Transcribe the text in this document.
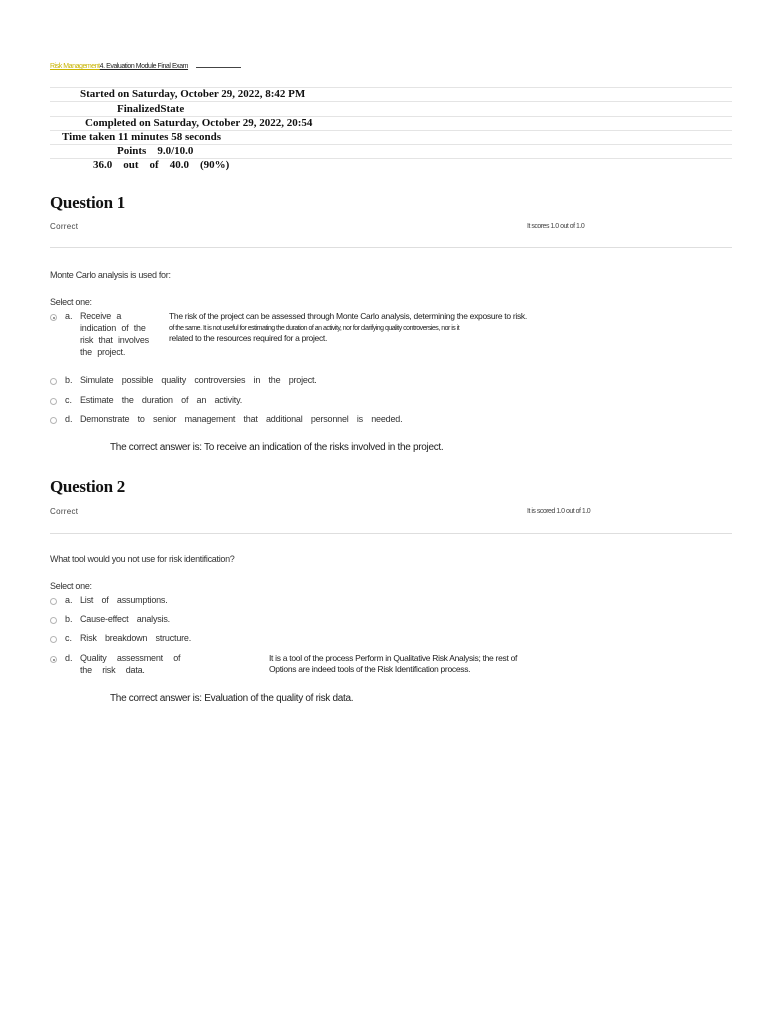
Risk Management4. Evaluation Module Final Exam
Started on Saturday, October 29, 2022, 8:42 PM
FinalizedState
Completed on Saturday, October 29, 2022, 20:54
Time taken 11 minutes 58 seconds
Points    9.0/10.0
36.0    out    of    40.0    (90%)
Question 1
Correct	It scores 1.0 out of 1.0
Monte Carlo analysis is used for:
Select one:
a. Receive a indication of the risk that involves the project.
The risk of the project can be assessed through Monte Carlo analysis, determining the exposure to risk.
of the same. It is not useful for estimating the duration of an activity, nor for clarifying quality controversies, nor is it
related to the resources required for a project.
b. Simulate possible quality controversies in the project.
c. Estimate the duration of an activity.
d. Demonstrate to senior management that additional personnel is needed.
The correct answer is: To receive an indication of the risks involved in the project.
Question 2
Correct	It is scored 1.0 out of 1.0
What tool would you not use for risk identification?
Select one:
a. List of assumptions.
b. Cause-effect analysis.
c. Risk breakdown structure.
d. Quality assessment of the risk data.
It is a tool of the process Perform in Qualitative Risk Analysis; the rest of
Options are indeed tools of the Risk Identification process.
The correct answer is: Evaluation of the quality of risk data.
